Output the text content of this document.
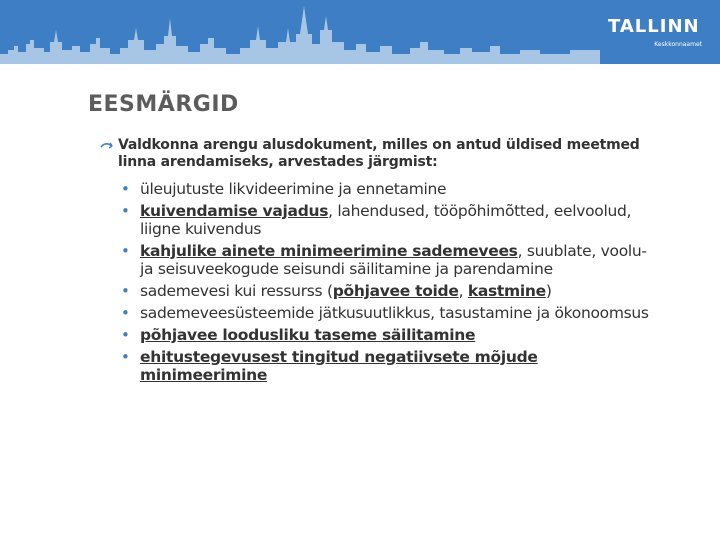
TALLINN
Keskkonnaamet
EESMÄRGID
Valdkonna arengu alusdokument, milles on antud üldised meetmed linna arendamiseks, arvestades järgmist:
• üleujutuste likvideerimine ja ennetamine
• kuivendamise vajadus, lahendused, tööpõhimõtted, eelvoolud, liigne kuivendus
• kahjulike ainete minimeerimine sademevees, suublate, voolu- ja seisuveekogude seisundi säilitamine ja parendamine
• sademevesi kui ressurss (põhjavee toide, kastmine)
• sademeveesüsteemide jätkusuutlikkus, tasustamine ja ökonoomsus
• põhjavee loodusliku taseme säilitamine
• ehitustegevusest tingitud negatiivsete mõjude minimeerimine
